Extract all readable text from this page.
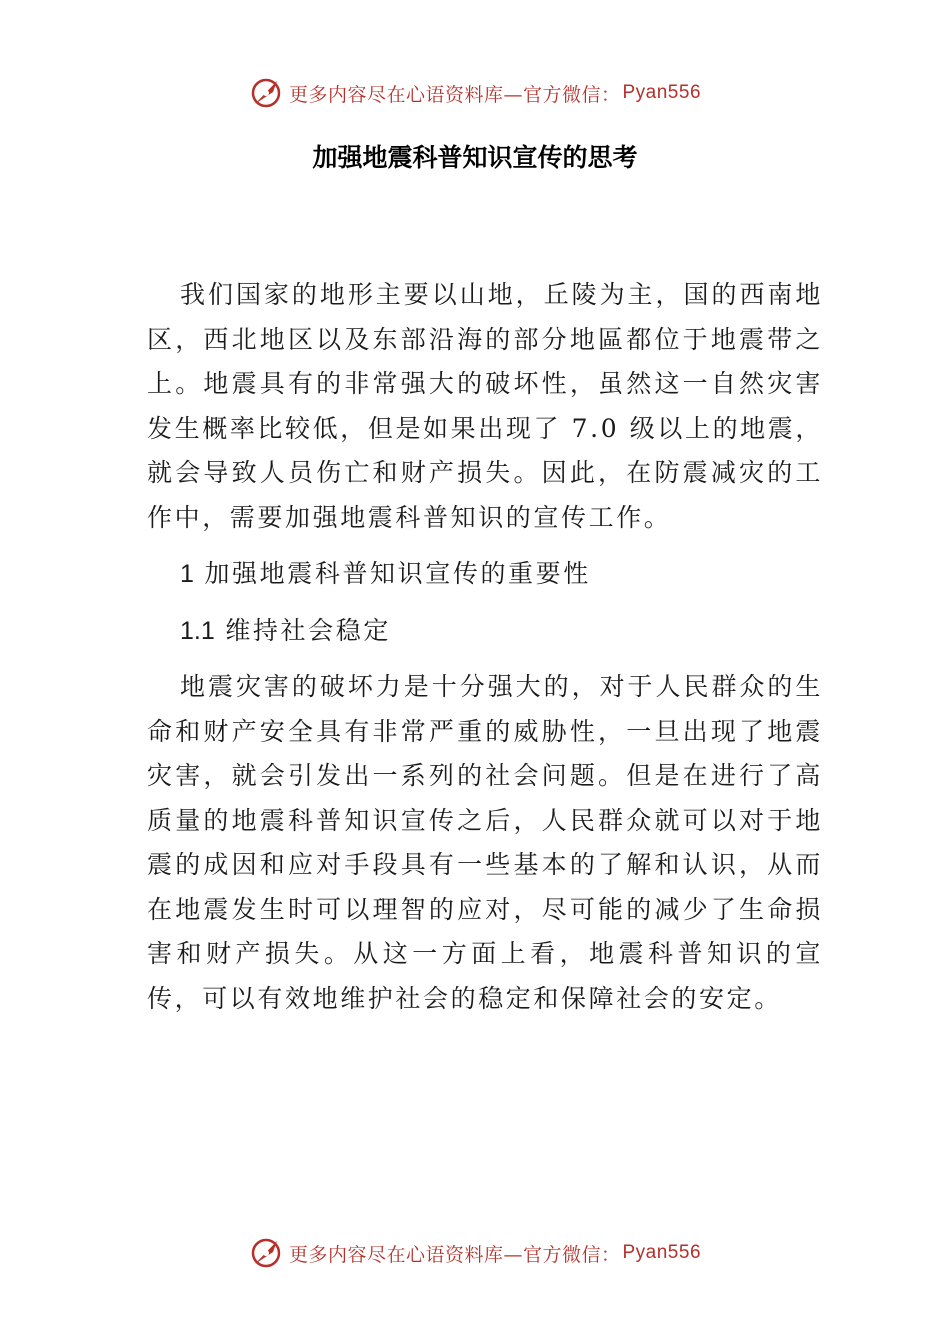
更多内容尽在心语资料库 —官方微信： Pyan556
加强地震科普知识宣传的思考

我们国家的地形主要以山地，丘陵为主，国的西南地区，西北地区以及东部沿海的部分地區都位于地震带之上。地震具有的非常强大的破坏性，虽然这一自然灾害发生概率比较低，但是如果出现了 7.0 级以上的地震，就会导致人员伤亡和财产损失。因此，在防震减灾的工作中，需要加强地震科普知识的宣传工作。

1 加强地震科普知识宣传的重要性

1.1 维持社会稳定

地震灾害的破坏力是十分强大的，对于人民群众的生命和财产安全具有非常严重的威胁性，一旦出现了地震灾害，就会引发出一系列的社会问题。但是在进行了高质量的地震科普知识宣传之后，人民群众就可以对于地震的成因和应对手段具有一些基本的了解和认识，从而在地震发生时可以理智的应对，尽可能的减少了生命损害和财产损失。从这一方面上看，地震科普知识的宣传，可以有效地维护社会的稳定和保障社会的安定。

更多内容尽在心语资料库 —官方微信： Pyan556
